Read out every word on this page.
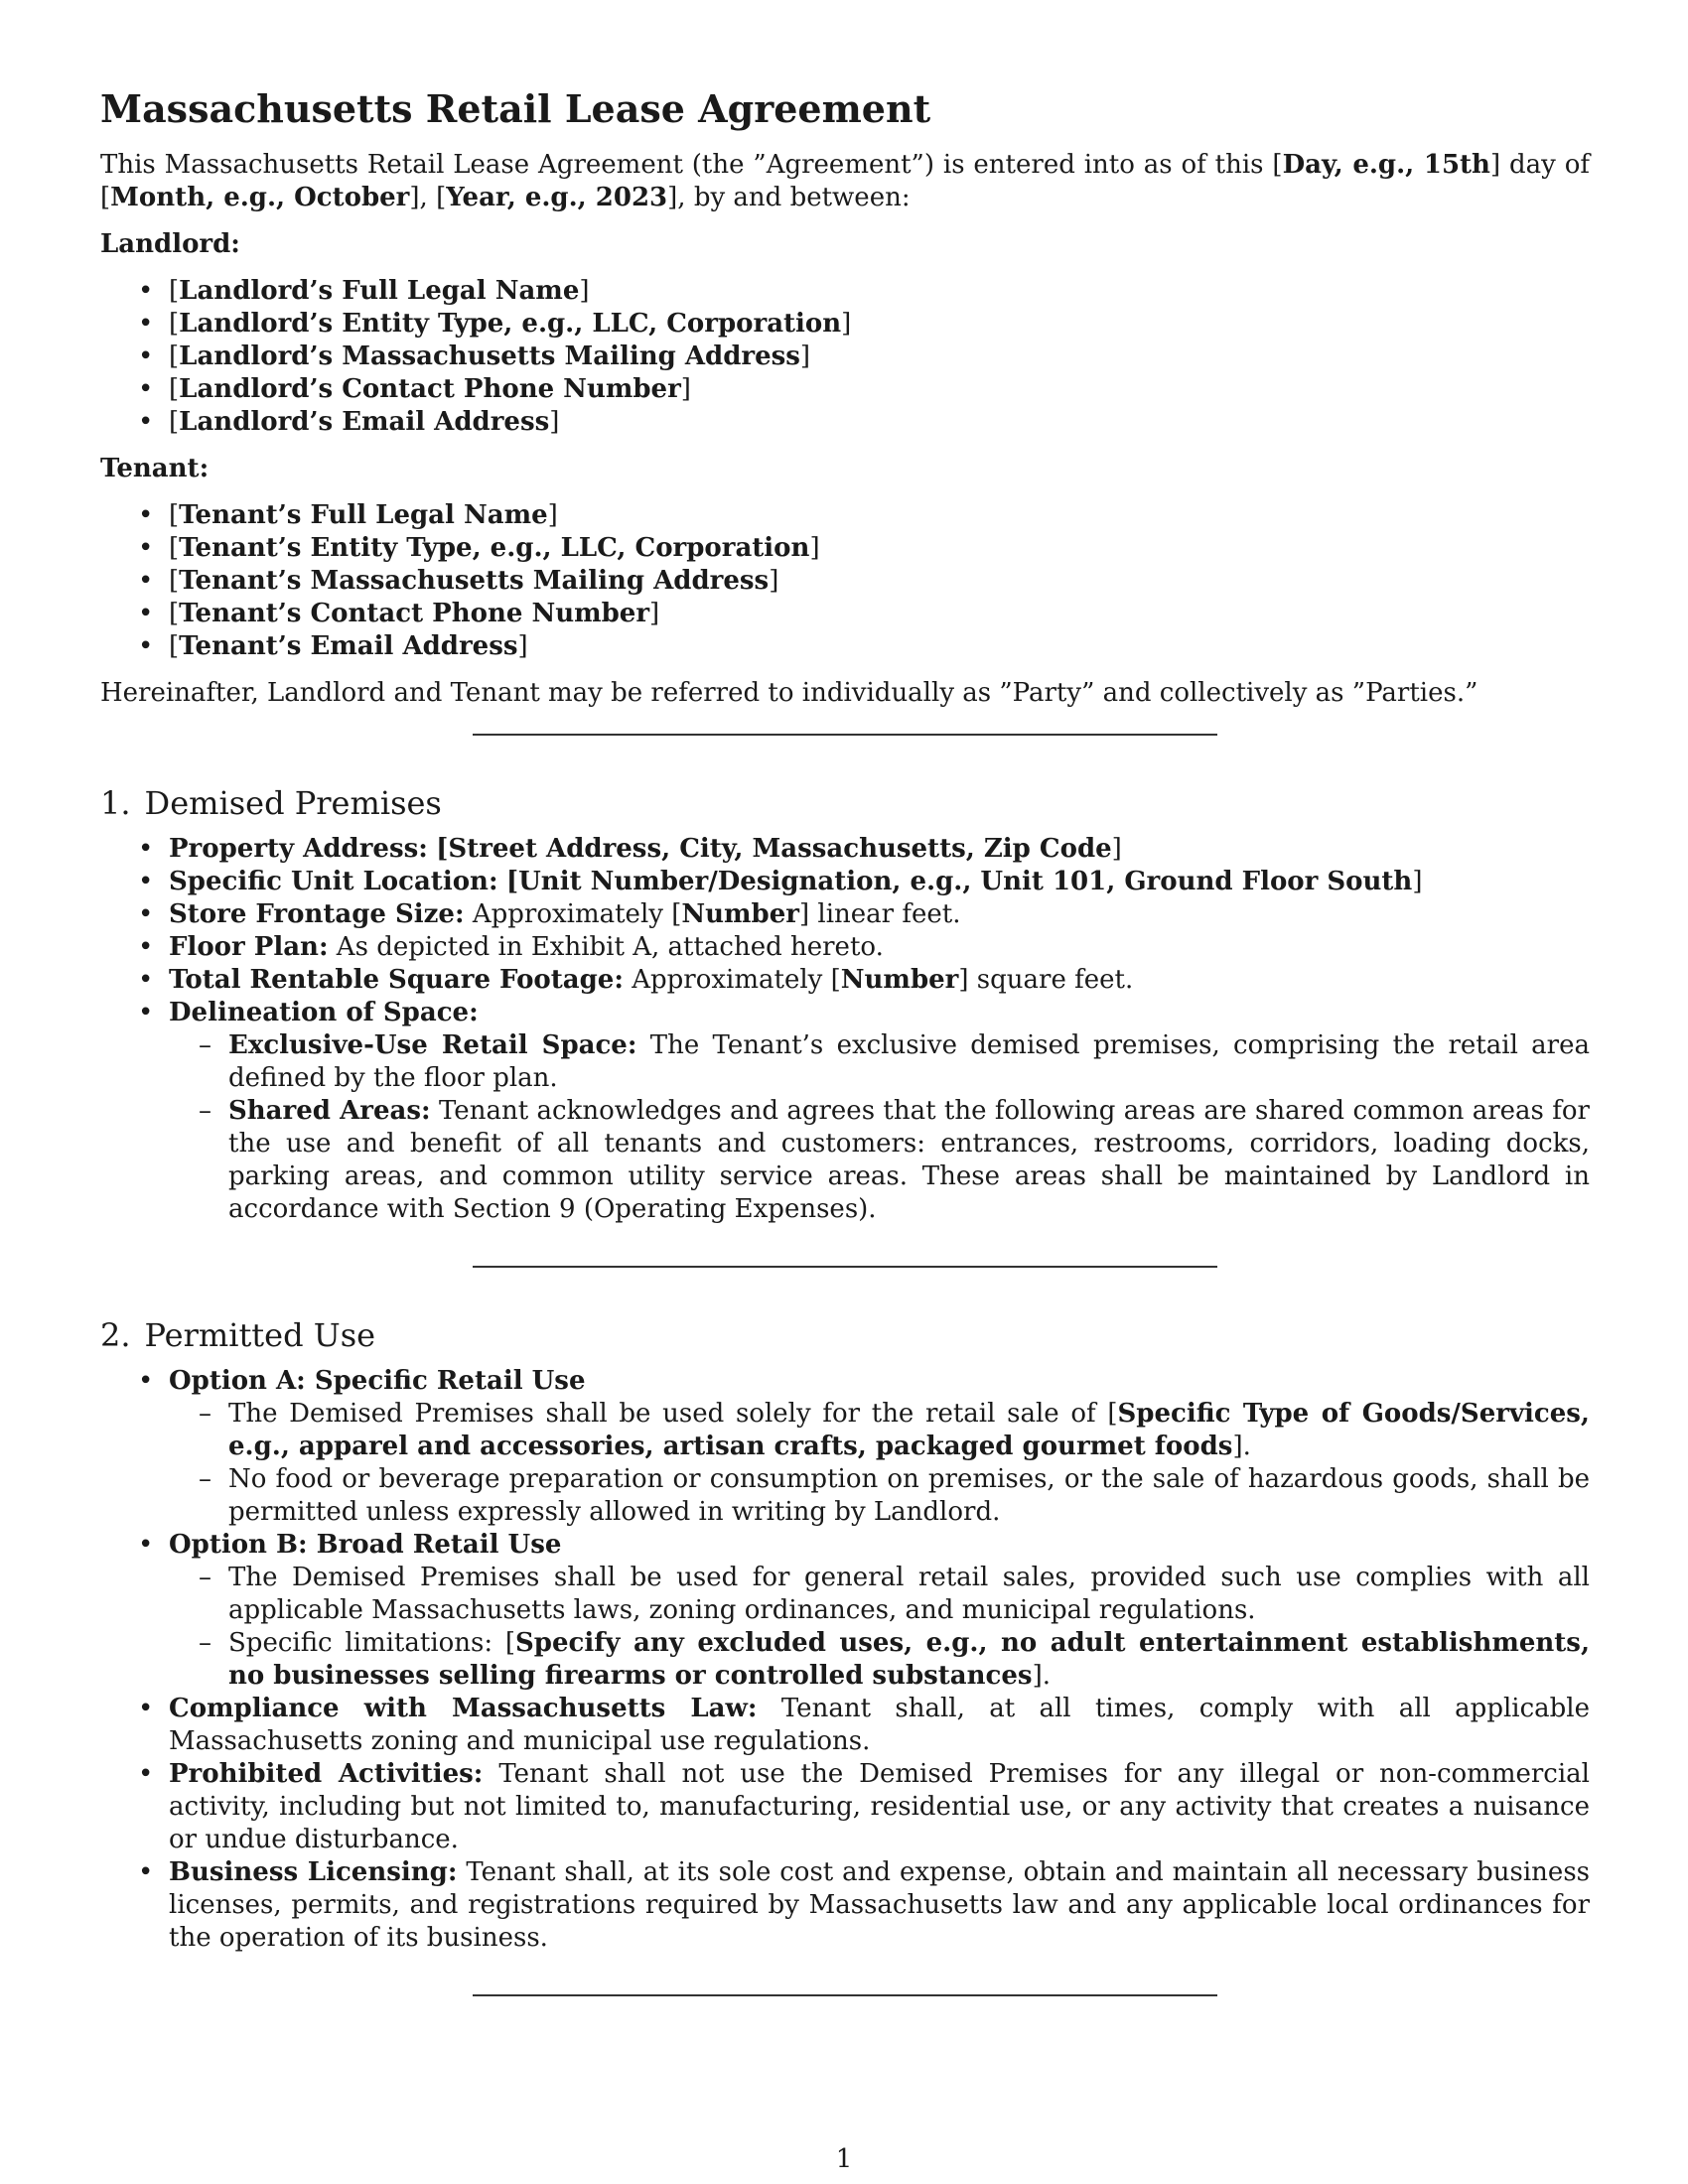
Massachusetts Retail Lease Agreement

This Massachusetts Retail Lease Agreement (the ”Agreement”) is entered into as of this [Day, e.g., 15th] day of [Month, e.g., October], [Year, e.g., 2023], by and between:

Landlord:
• [Landlord’s Full Legal Name]
• [Landlord’s Entity Type, e.g., LLC, Corporation]
• [Landlord’s Massachusetts Mailing Address]
• [Landlord’s Contact Phone Number]
• [Landlord’s Email Address]
Tenant:
• [Tenant’s Full Legal Name]
• [Tenant’s Entity Type, e.g., LLC, Corporation]
• [Tenant’s Massachusetts Mailing Address]
• [Tenant’s Contact Phone Number]
• [Tenant’s Email Address]

Hereinafter, Landlord and Tenant may be referred to individually as ”Party” and collectively as ”Parties.”

1. Demised Premises
• Property Address: [Street Address, City, Massachusetts, Zip Code]
• Specific Unit Location: [Unit Number/Designation, e.g., Unit 101, Ground Floor South]
• Store Frontage Size: Approximately [Number] linear feet.
• Floor Plan: As depicted in Exhibit A, attached hereto.
• Total Rentable Square Footage: Approximately [Number] square feet.
• Delineation of Space:
– Exclusive-Use Retail Space: The Tenant’s exclusive demised premises, comprising the retail area defined by the floor plan.
– Shared Areas: Tenant acknowledges and agrees that the following areas are shared common areas for the use and benefit of all tenants and customers: entrances, restrooms, corridors, loading docks, parking areas, and common utility service areas. These areas shall be maintained by Landlord in accordance with Section 9 (Operating Expenses).
2. Permitted Use
• Option A: Specific Retail Use
– The Demised Premises shall be used solely for the retail sale of [Specific Type of Goods/Services, e.g., apparel and accessories, artisan crafts, packaged gourmet foods].
– No food or beverage preparation or consumption on premises, or the sale of hazardous goods, shall be permitted unless expressly allowed in writing by Landlord.
• Option B: Broad Retail Use
– The Demised Premises shall be used for general retail sales, provided such use complies with all applicable Massachusetts laws, zoning ordinances, and municipal regulations.
– Specific limitations: [Specify any excluded uses, e.g., no adult entertainment establishments, no businesses selling firearms or controlled substances].
• Compliance with Massachusetts Law: Tenant shall, at all times, comply with all applicable Massachusetts zoning and municipal use regulations.
• Prohibited Activities: Tenant shall not use the Demised Premises for any illegal or non-commercial activity, including but not limited to, manufacturing, residential use, or any activity that creates a nuisance or undue disturbance.
• Business Licensing: Tenant shall, at its sole cost and expense, obtain and maintain all necessary business licenses, permits, and registrations required by Massachusetts law and any applicable local ordinances for the operation of its business.
1
